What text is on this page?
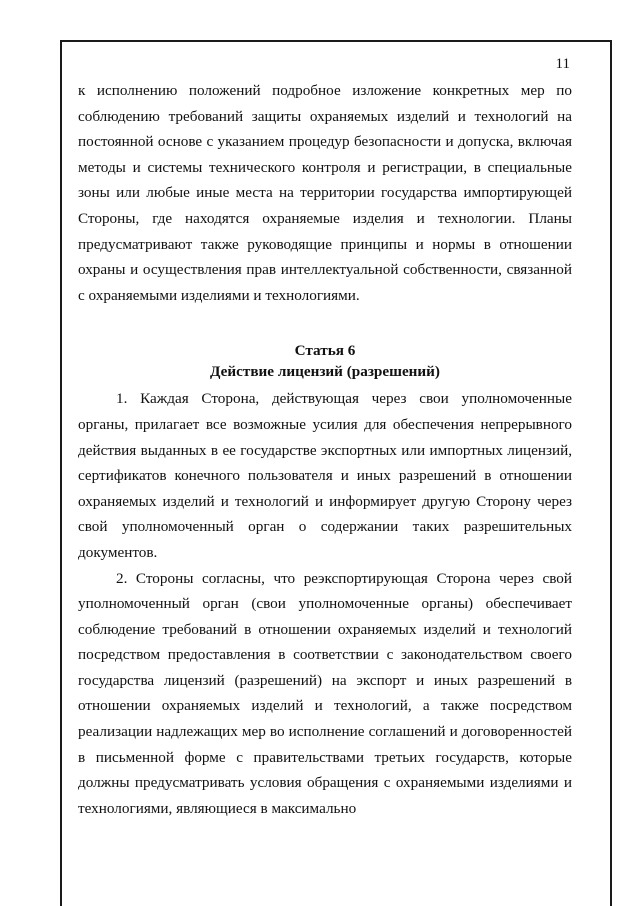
11

к исполнению положений подробное изложение конкретных мер по соблюдению требований защиты охраняемых изделий и технологий на постоянной основе с указанием процедур безопасности и допуска, включая методы и системы технического контроля и регистрации, в специальные зоны или любые иные места на территории государства импортирующей Стороны, где находятся охраняемые изделия и технологии. Планы предусматривают также руководящие принципы и нормы в отношении охраны и осуществления прав интеллектуальной собственности, связанной с охраняемыми изделиями и технологиями.

Статья 6
Действие лицензий (разрешений)

1. Каждая Сторона, действующая через свои уполномоченные органы, прилагает все возможные усилия для обеспечения непрерывного действия выданных в ее государстве экспортных или импортных лицензий, сертификатов конечного пользователя и иных разрешений в отношении охраняемых изделий и технологий и информирует другую Сторону через свой уполномоченный орган о содержании таких разрешительных документов.

2. Стороны согласны, что реэкспортирующая Сторона через свой уполномоченный орган (свои уполномоченные органы) обеспечивает соблюдение требований в отношении охраняемых изделий и технологий посредством предоставления в соответствии с законодательством своего государства лицензий (разрешений) на экспорт и иных разрешений в отношении охраняемых изделий и технологий, а также посредством реализации надлежащих мер во исполнение соглашений и договоренностей в письменной форме с правительствами третьих государств, которые должны предусматривать условия обращения с охраняемыми изделиями и технологиями, являющиеся в максимально
